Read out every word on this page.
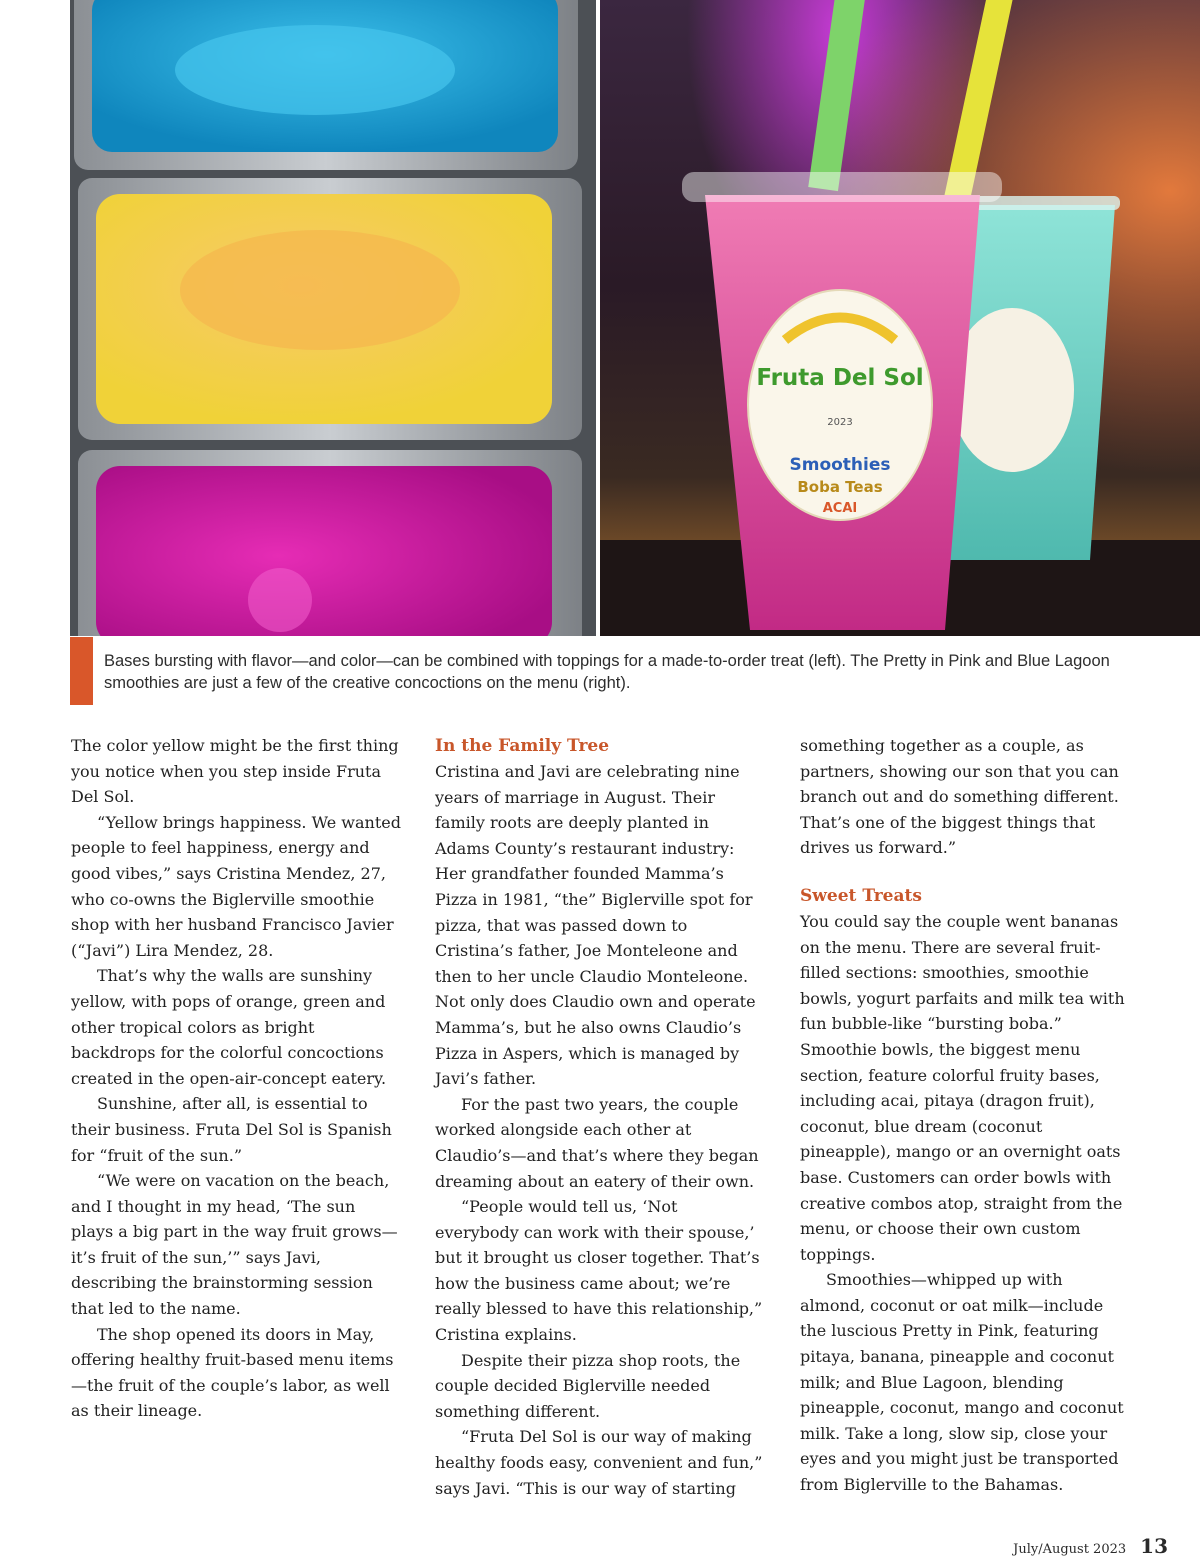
Fruta Del Sol
2023
Smoothies
Boba Teas
ACAI

Bases bursting with flavor—and color—can be combined with toppings for a made-to-order treat (left). The Pretty in Pink and Blue Lagoon smoothies are just a few of the creative concoctions on the menu (right).

The color yellow might be the first thing you notice when you step inside Fruta Del Sol.

“Yellow brings happiness. We wanted people to feel happiness, energy and good vibes,” says Cristina Mendez, 27, who co-owns the Biglerville smoothie shop with her husband Francisco Javier (“Javi”) Lira Mendez, 28.

That’s why the walls are sunshiny yellow, with pops of orange, green and other tropical colors as bright backdrops for the colorful concoctions created in the open-air-concept eatery.

Sunshine, after all, is essential to their business. Fruta Del Sol is Spanish for “fruit of the sun.”

“We were on vacation on the beach, and I thought in my head, ‘The sun plays a big part in the way fruit grows—it’s fruit of the sun,’” says Javi, describing the brainstorming session that led to the name.

The shop opened its doors in May, offering healthy fruit-based menu items—the fruit of the couple’s labor, as well as their lineage.

In the Family Tree

Cristina and Javi are celebrating nine years of marriage in August. Their family roots are deeply planted in Adams County’s restaurant industry: Her grandfather founded Mamma’s Pizza in 1981, “the” Biglerville spot for pizza, that was passed down to Cristina’s father, Joe Monteleone and then to her uncle Claudio Monteleone. Not only does Claudio own and operate Mamma’s, but he also owns Claudio’s Pizza in Aspers, which is managed by Javi’s father.

For the past two years, the couple worked alongside each other at Claudio’s—and that’s where they began dreaming about an eatery of their own.

“People would tell us, ‘Not everybody can work with their spouse,’ but it brought us closer together. That’s how the business came about; we’re really blessed to have this relationship,” Cristina explains.

Despite their pizza shop roots, the couple decided Biglerville needed something different.

“Fruta Del Sol is our way of making healthy foods easy, convenient and fun,” says Javi. “This is our way of starting

something together as a couple, as partners, showing our son that you can branch out and do something different. That’s one of the biggest things that drives us forward.”

Sweet Treats

You could say the couple went bananas on the menu. There are several fruit-filled sections: smoothies, smoothie bowls, yogurt parfaits and milk tea with fun bubble-like “bursting boba.” Smoothie bowls, the biggest menu section, feature colorful fruity bases, including acai, pitaya (dragon fruit), coconut, blue dream (coconut pineapple), mango or an overnight oats base. Customers can order bowls with creative combos atop, straight from the menu, or choose their own custom toppings.

Smoothies—whipped up with almond, coconut or oat milk—include the luscious Pretty in Pink, featuring pitaya, banana, pineapple and coconut milk; and Blue Lagoon, blending pineapple, coconut, mango and coconut milk. Take a long, slow sip, close your eyes and you might just be transported from Biglerville to the Bahamas.

July/August 2023 13
